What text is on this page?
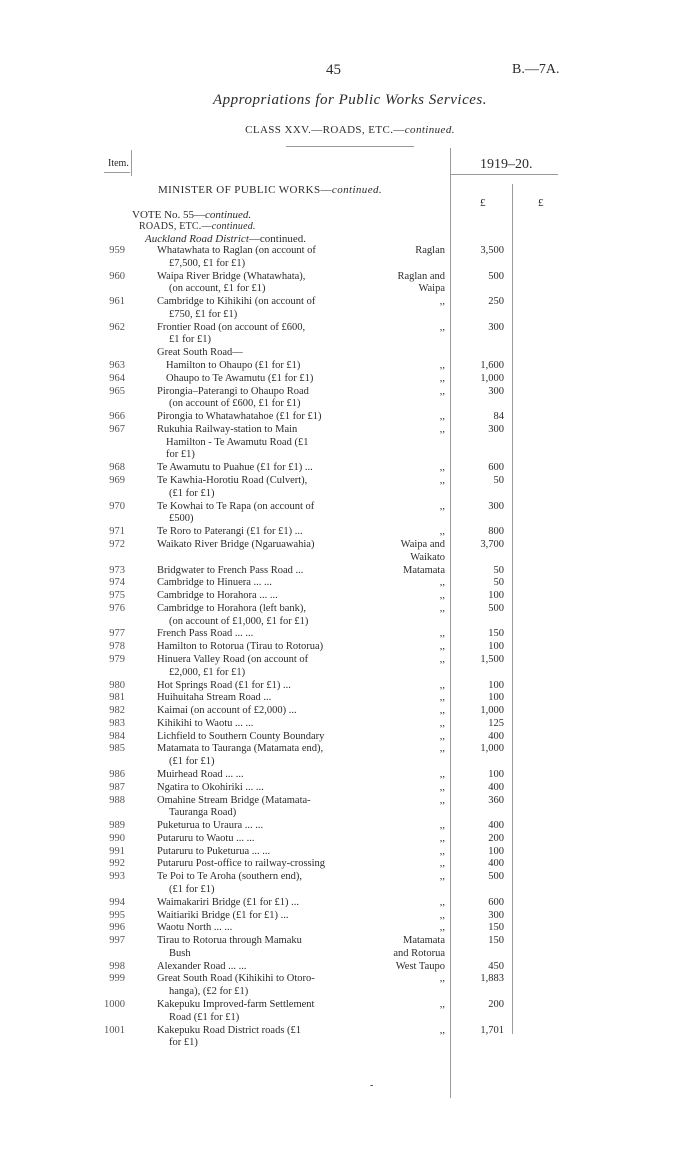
45	B.—7A.
Appropriations for Public Works Services.
CLASS XXV.—ROADS, ETC.—continued.
Item.	1919–20.
MINISTER OF PUBLIC WORKS—continued.
£	£
VOTE No. 55—continued.
ROADS, ETC.—continued.
Auckland Road District—continued.
959	Whatawhata to Raglan (on account of	Raglan	3,500
£7,500, £1 for £1)
960	Waipa River Bridge (Whatawhata),	Raglan and	500
(on account, £1 for £1)	Waipa
961	Cambridge to Kihikihi (on account of	,,	250
£750, £1 for £1)
962	Frontier Road (on account of £600,	,,	300
£1 for £1)
Great South Road—
963	Hamilton to Ohaupo (£1 for £1)	,,	1,600
964	Ohaupo to Te Awamutu (£1 for £1)	,,	1,000
965	Pirongia–Paterangi to Ohaupo Road	,,	300
(on account of £600, £1 for £1)
966	Pirongia to Whatawhatahoe (£1 for £1)	,,	84
967	Rukuhia Railway-station to Main	,,	300
Hamilton - Te Awamutu Road (£1
for £1)
968	Te Awamutu to Puahue (£1 for £1) ...	,,	600
969	Te Kawhia-Horotiu Road (Culvert),	,,	50
(£1 for £1)
970	Te Kowhai to Te Rapa (on account of	,,	300
£500)
971	Te Roro to Paterangi (£1 for £1) ...	,,	800
972	Waikato River Bridge (Ngaruawahia)	Waipa and	3,700
Waikato
973	Bridgwater to French Pass Road ...	Matamata	50
974	Cambridge to Hinuera ... ...	,,	50
975	Cambridge to Horahora ... ...	,,	100
976	Cambridge to Horahora (left bank),	,,	500
(on account of £1,000, £1 for £1)
977	French Pass Road ... ...	,,	150
978	Hamilton to Rotorua (Tirau to Rotorua)	,,	100
979	Hinuera Valley Road (on account of	,,	1,500
£2,000, £1 for £1)
980	Hot Springs Road (£1 for £1) ...	,,	100
981	Huihuitaha Stream Road ...	,,	100
982	Kaimai (on account of £2,000) ...	,,	1,000
983	Kihikihi to Waotu ... ...	,,	125
984	Lichfield to Southern County Boundary	,,	400
985	Matamata to Tauranga (Matamata end),	,,	1,000
(£1 for £1)
986	Muirhead Road ... ...	,,	100
987	Ngatira to Okohiriki ... ...	,,	400
988	Omahine Stream Bridge (Matamata-	,,	360
Tauranga Road)
989	Puketurua to Uraura ... ...	,,	400
990	Putaruru to Waotu ... ...	,,	200
991	Putaruru to Puketurua ... ...	,,	100
992	Putaruru Post-office to railway-crossing	,,	400
993	Te Poi to Te Aroha (southern end),	,,	500
(£1 for £1)
994	Waimakariri Bridge (£1 for £1) ...	,,	600
995	Waitiariki Bridge (£1 for £1) ...	,,	300
996	Waotu North ... ...	,,	150
997	Tirau to Rotorua through Mamaku	Matamata	150
Bush	and Rotorua
998	Alexander Road ... ...	West Taupo	450
999	Great South Road (Kihikihi to Otoro-	,,	1,883
hanga), (£2 for £1)
1000	Kakepuku Improved-farm Settlement	,,	200
Road (£1 for £1)
1001	Kakepuku Road District roads (£1	,,	1,701
for £1)
-
